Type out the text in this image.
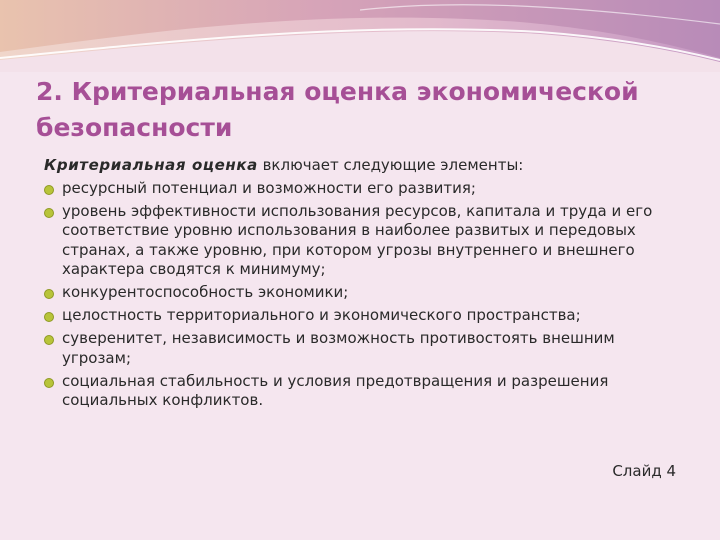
2. Критериальная оценка экономической безопасности

Критериальная оценка включает следующие элементы:

ресурсный потенциал и возможности его развития;
уровень эффективности использования ресурсов, капитала и труда и его соответствие уровню использования в наиболее развитых и передовых странах, а также уровню, при котором угрозы внутреннего и внешнего характера сводятся к минимуму;
конкурентоспособность экономики;
целостность территориального и экономического пространства;
суверенитет, независимость и возможность противостоять внешним угрозам;
социальная стабильность и условия предотвращения и разрешения социальных конфликтов.
Слайд 4
